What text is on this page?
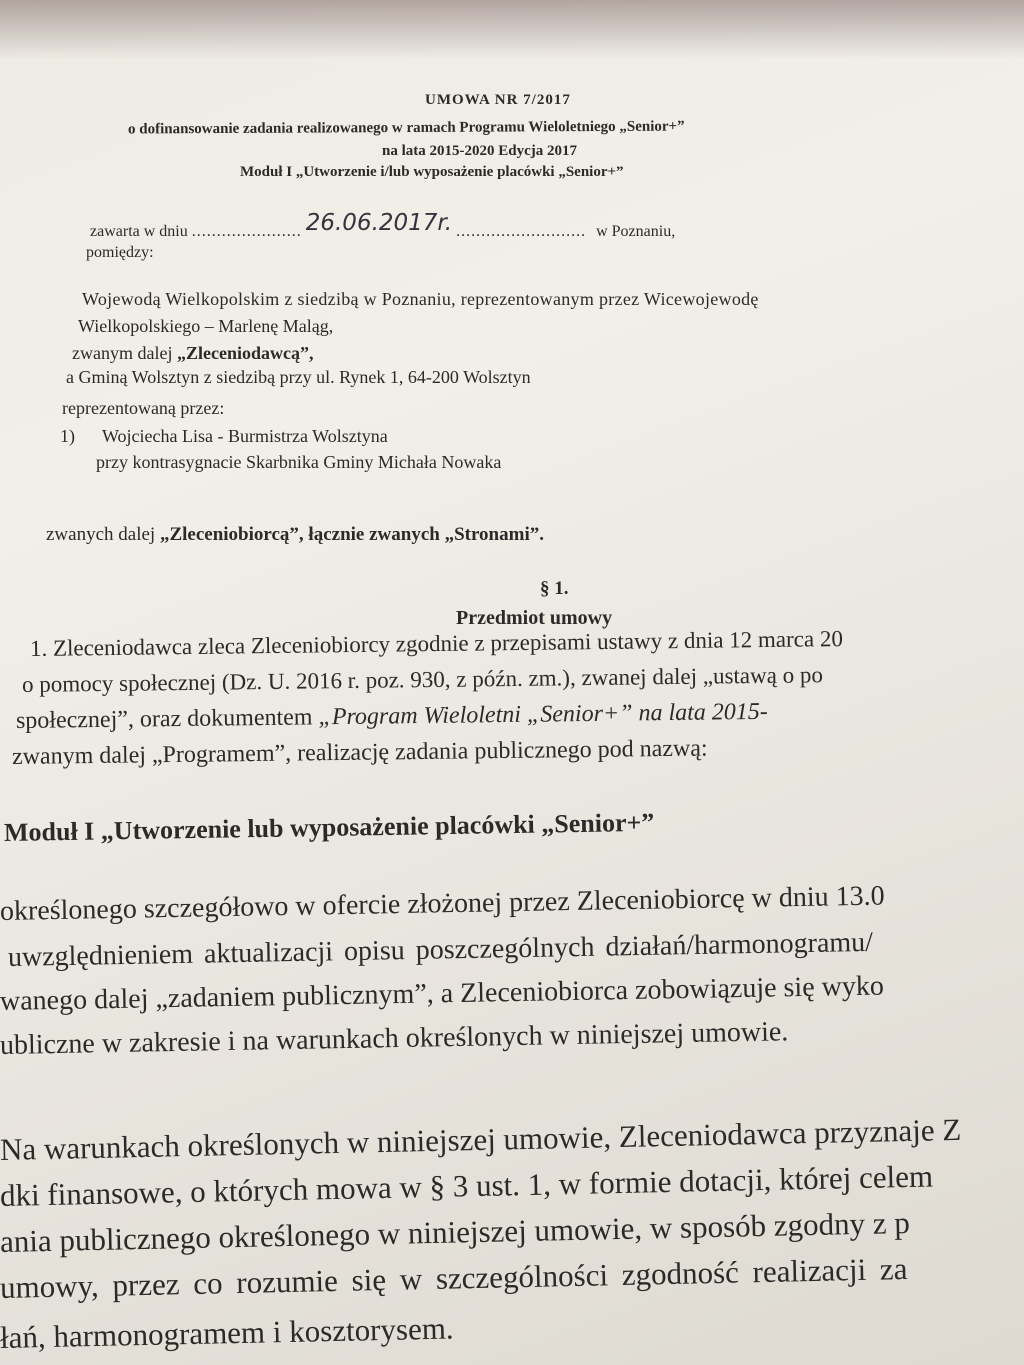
UMOWA NR 7/2017
o dofinansowanie zadania realizowanego w ramach Programu Wieloletniego „Senior+”
na lata 2015-2020 Edycja 2017
Moduł I „Utworzenie i/lub wyposażenie placówki „Senior+”
zawarta w dniu ...................... 26.06.2017r. .......................... w Poznaniu,
pomiędzy:
Wojewodą Wielkopolskim z siedzibą w Poznaniu, reprezentowanym przez Wicewojewodę
Wielkopolskiego – Marlenę Maląg,
zwanym dalej „Zleceniodawcą”,
a Gminą Wolsztyn z siedzibą przy ul. Rynek 1, 64-200 Wolsztyn
reprezentowaną przez:
1) Wojciecha Lisa - Burmistrza Wolsztyna
przy kontrasygnacie Skarbnika Gminy Michała Nowaka
zwanych dalej „Zleceniobiorcą”, łącznie zwanych „Stronami”.
§ 1.
Przedmiot umowy
1. Zleceniodawca zleca Zleceniobiorcy zgodnie z przepisami ustawy z dnia 12 marca 20
o pomocy społecznej (Dz. U. 2016 r. poz. 930, z późn. zm.), zwanej dalej „ustawą o po
społecznej”, oraz dokumentem „Program Wieloletni „Senior+” na lata 2015-
zwanym dalej „Programem”, realizację zadania publicznego pod nazwą:
Moduł I „Utworzenie lub wyposażenie placówki „Senior+”
określonego szczegółowo w ofercie złożonej przez Zleceniobiorcę w dniu 13.0
uwzględnieniem aktualizacji opisu poszczególnych działań/harmonogramu/
wanego dalej „zadaniem publicznym”, a Zleceniobiorca zobowiązuje się wyko
ubliczne w zakresie i na warunkach określonych w niniejszej umowie.
Na warunkach określonych w niniejszej umowie, Zleceniodawca przyznaje Z
dki finansowe, o których mowa w § 3 ust. 1, w formie dotacji, której celem
ania publicznego określonego w niniejszej umowie, w sposób zgodny z p
umowy, przez co rozumie się w szczególności zgodność realizacji za
łań, harmonogramem i kosztorysem.
